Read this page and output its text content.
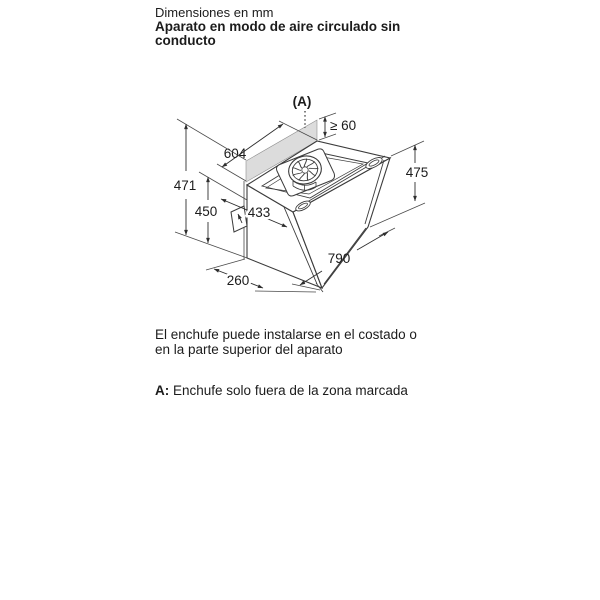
Dimensiones en mm
Aparato en modo de aire circulado sin
conducto
(A)
≥ 60
604
471
450 433
475
790
260
El enchufe puede instalarse en el costado o
en la parte superior del aparato
A: Enchufe solo fuera de la zona marcada
